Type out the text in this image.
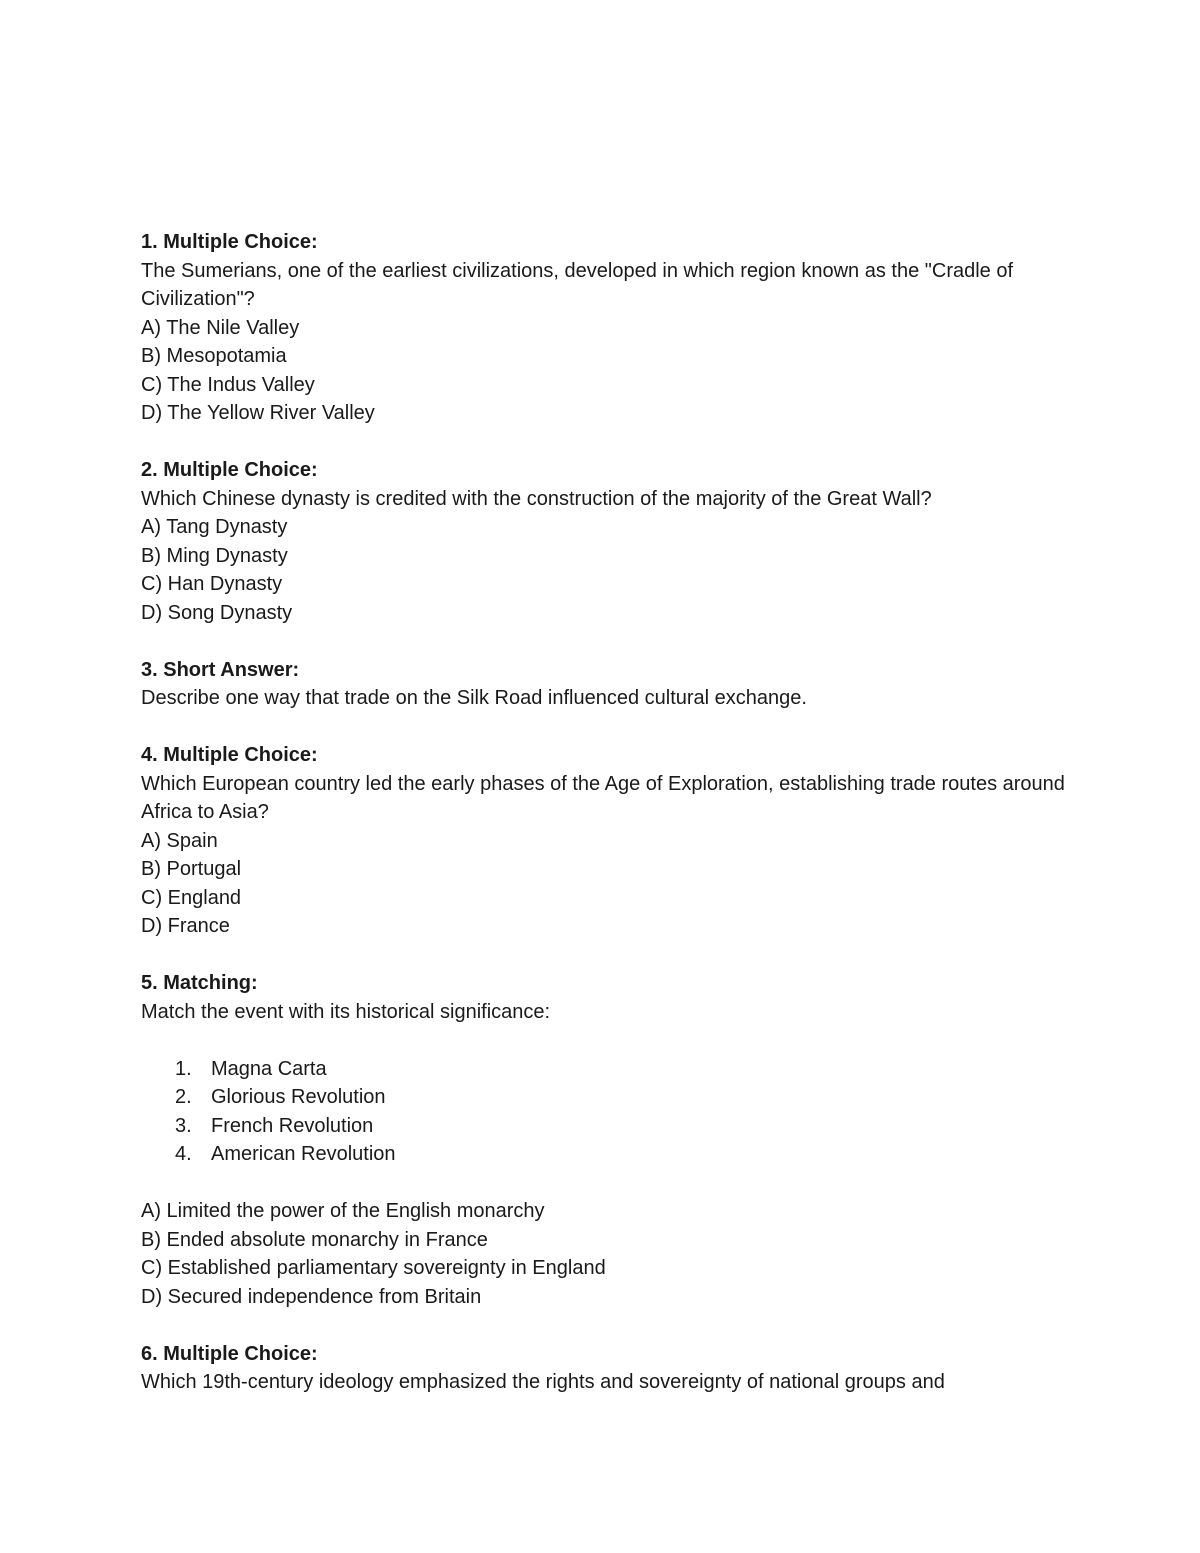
1. Multiple Choice:
The Sumerians, one of the earliest civilizations, developed in which region known as the "Cradle of Civilization"?
A) The Nile Valley
B) Mesopotamia
C) The Indus Valley
D) The Yellow River Valley
2. Multiple Choice:
Which Chinese dynasty is credited with the construction of the majority of the Great Wall?
A) Tang Dynasty
B) Ming Dynasty
C) Han Dynasty
D) Song Dynasty
3. Short Answer:
Describe one way that trade on the Silk Road influenced cultural exchange.
4. Multiple Choice:
Which European country led the early phases of the Age of Exploration, establishing trade routes around Africa to Asia?
A) Spain
B) Portugal
C) England
D) France
5. Matching:
Match the event with its historical significance:
1. Magna Carta
2. Glorious Revolution
3. French Revolution
4. American Revolution
A) Limited the power of the English monarchy
B) Ended absolute monarchy in France
C) Established parliamentary sovereignty in England
D) Secured independence from Britain
6. Multiple Choice:
Which 19th-century ideology emphasized the rights and sovereignty of national groups and
